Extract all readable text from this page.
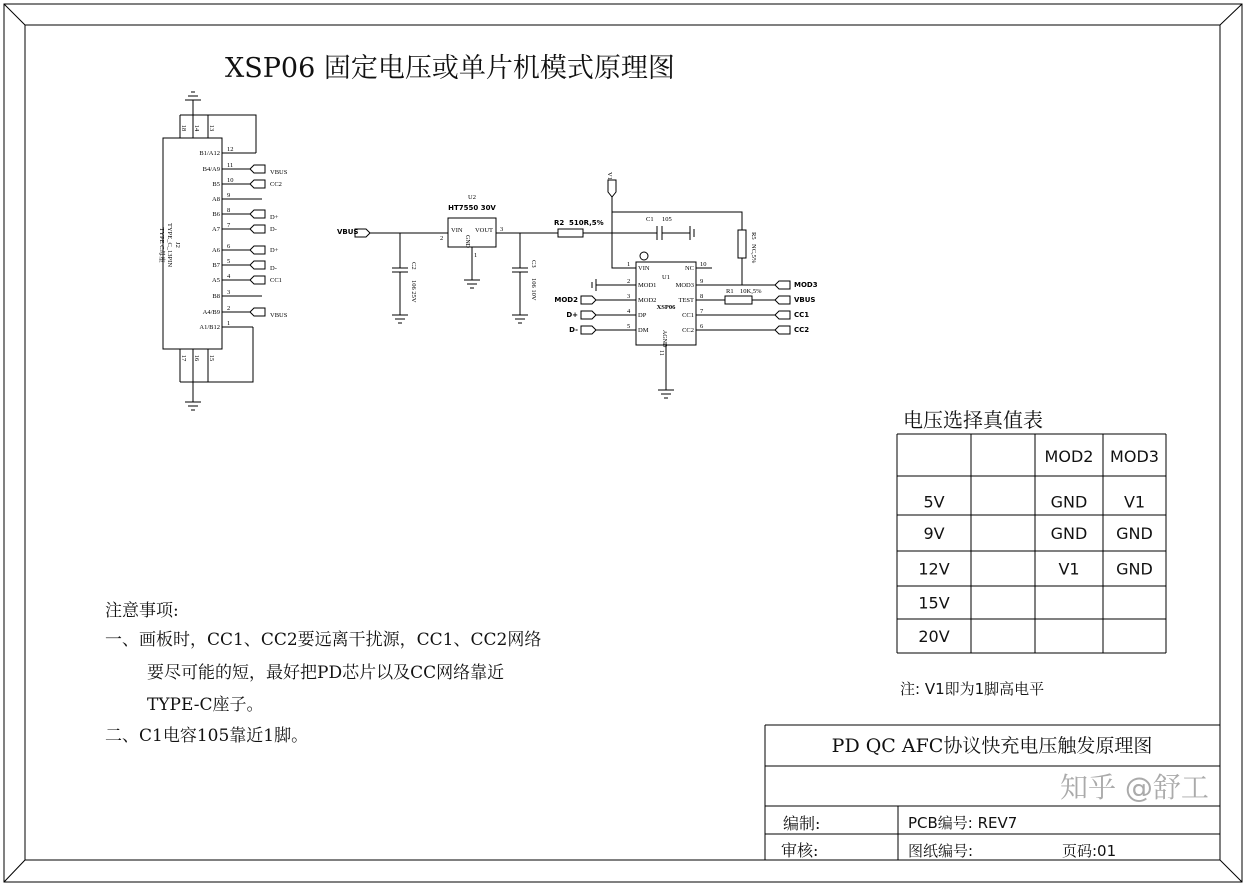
XSP06 固定电压或单片机模式原理图
J2
TYPE_C_13PIN
TYPE C母座
18 14 13
17 16 15
B1/A12
12
B4/A9
11
VBUS
B5
10
CC2
A8
9
B6
8
D+
A7
7
D-
A6
6
D+
B7
5
D-
A5
4
CC1
B8
3
A4/B9
2
VBUS
A1/B12
1
U2
HT7550 30V
VIN VOUT
GND
2
3
1
VBUS
C2
106 25V
R2 510R,5%
C3
106 10V
V1
C1 105
R5
NC,5%
U1
XSP06
AGND
11
R1 10K,5%
VIN
1
MOD1
2
MOD2
3
MOD2
DP
4
D+
DM
5
D-
NC
10
MOD3
9	MOD3
TEST
8	VBUS
CC1
7	CC1
CC2
6	CC2
电压选择真值表
MOD2 MOD3
5V	GND V1
9V	GND GND
12V	V1 GND
15V
20V
注: V1即为1脚高电平
注意事项:
一、画板时，CC1、CC2要远离干扰源，CC1、CC2网络
要尽可能的短，最好把PD芯片以及CC网络靠近
TYPE-C座子。
二、C1电容105靠近1脚。	PD QC AFC协议快充电压触发原理图
编制:	PCB编号: REV7
审核:	图纸编号:	页码:01
知乎 @舒工
